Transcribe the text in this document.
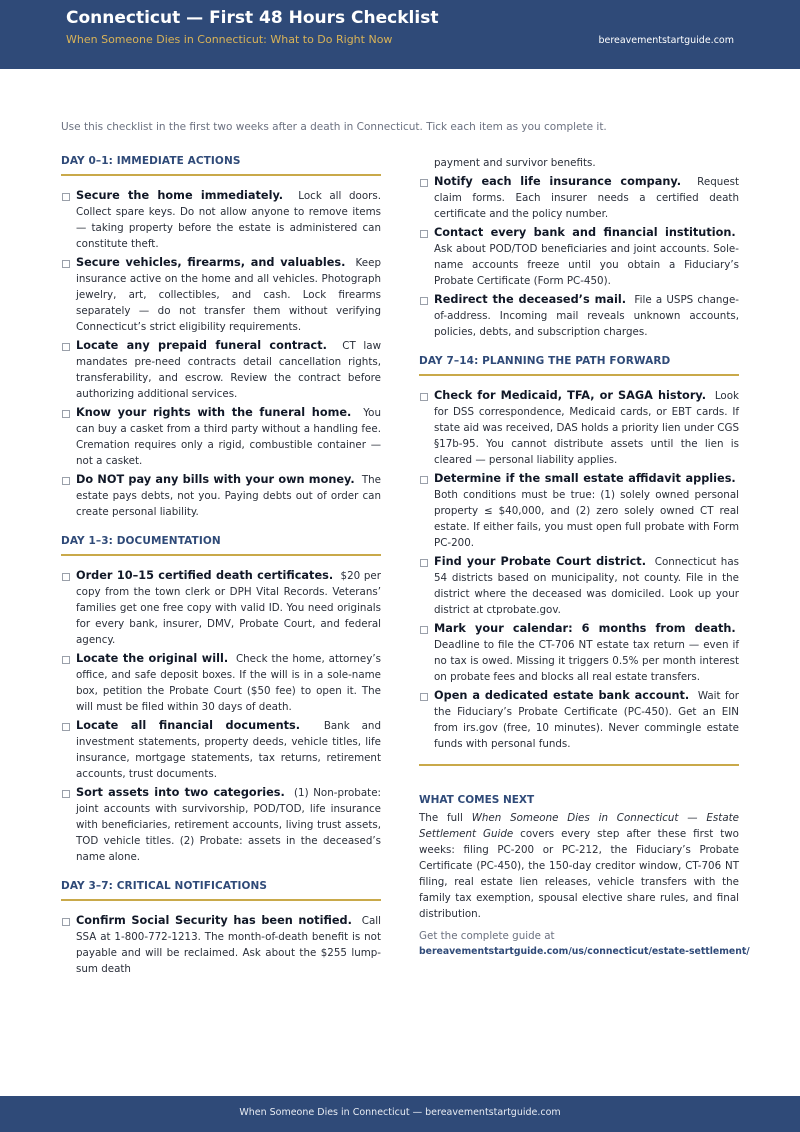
Connecticut — First 48 Hours Checklist
When Someone Dies in Connecticut: What to Do Right Now	bereavementstartguide.com
Use this checklist in the first two weeks after a death in Connecticut. Tick each item as you complete it.
DAY 0–1: IMMEDIATE ACTIONS
Secure the home immediately. Lock all doors. Collect spare keys. Do not allow anyone to remove items — taking property before the estate is administered can constitute theft.
Secure vehicles, firearms, and valuables. Keep insurance active on the home and all vehicles. Photograph jewelry, art, collectibles, and cash. Lock firearms separately — do not transfer them without verifying Connecticut’s strict eligibility requirements.
Locate any prepaid funeral contract. CT law mandates pre-need contracts detail cancellation rights, transferability, and escrow. Review the contract before authorizing additional services.
Know your rights with the funeral home. You can buy a casket from a third party without a handling fee. Cremation requires only a rigid, combustible container — not a casket.
Do NOT pay any bills with your own money. The estate pays debts, not you. Paying debts out of order can create personal liability.
DAY 1–3: DOCUMENTATION
Order 10–15 certified death certificates. $20 per copy from the town clerk or DPH Vital Records. Veterans’ families get one free copy with valid ID. You need originals for every bank, insurer, DMV, Probate Court, and federal agency.
Locate the original will. Check the home, attorney’s office, and safe deposit boxes. If the will is in a sole-name box, petition the Probate Court ($50 fee) to open it. The will must be filed within 30 days of death.
Locate all financial documents. Bank and investment statements, property deeds, vehicle titles, life insurance, mortgage statements, tax returns, retirement accounts, trust documents.
Sort assets into two categories. (1) Non-probate: joint accounts with survivorship, POD/TOD, life insurance with beneficiaries, retirement accounts, living trust assets, TOD vehicle titles. (2) Probate: assets in the deceased’s name alone.
DAY 3–7: CRITICAL NOTIFICATIONS
Confirm Social Security has been notified. Call SSA at 1-800-772-1213. The month-of-death benefit is not payable and will be reclaimed. Ask about the $255 lump-sum death
payment and survivor benefits.
Notify each life insurance company. Request claim forms. Each insurer needs a certified death certificate and the policy number.
Contact every bank and financial institution.  Ask about POD/TOD beneficiaries and joint accounts. Sole-name accounts freeze until you obtain a Fiduciary’s Probate Certificate (Form PC-450).
Redirect the deceased’s mail. File a USPS change-of-address. Incoming mail reveals unknown accounts, policies, debts, and subscription charges.
DAY 7–14: PLANNING THE PATH FORWARD
Check for Medicaid, TFA, or SAGA history. Look for DSS correspondence, Medicaid cards, or EBT cards. If state aid was received, DAS holds a priority lien under CGS §17b-95. You cannot distribute assets until the lien is cleared — personal liability applies.
Determine if the small estate affidavit applies.  Both conditions must be true: (1) solely owned personal property ≤ $40,000, and (2) zero solely owned CT real estate. If either fails, you must open full probate with Form PC-200.
Find your Probate Court district. Connecticut has 54 districts based on municipality, not county. File in the district where the deceased was domiciled. Look up your district at ctprobate.gov.
Mark your calendar: 6 months from death.  Deadline to file the CT-706 NT estate tax return — even if no tax is owed. Missing it triggers 0.5% per month interest on probate fees and blocks all real estate transfers.
Open a dedicated estate bank account. Wait for the Fiduciary’s Probate Certificate (PC-450). Get an EIN from irs.gov (free, 10 minutes). Never commingle estate funds with personal funds.
WHAT COMES NEXT
The full When Someone Dies in Connecticut — Estate Settlement Guide covers every step after these first two weeks: filing PC-200 or PC-212, the Fiduciary’s Probate Certificate (PC-450), the 150-day creditor window, CT-706 NT filing, real estate lien releases, vehicle transfers with the family tax exemption, spousal elective share rules, and final distribution.
Get the complete guide at
bereavementstartguide.com/us/connecticut/estate-settlement/
When Someone Dies in Connecticut — bereavementstartguide.com
